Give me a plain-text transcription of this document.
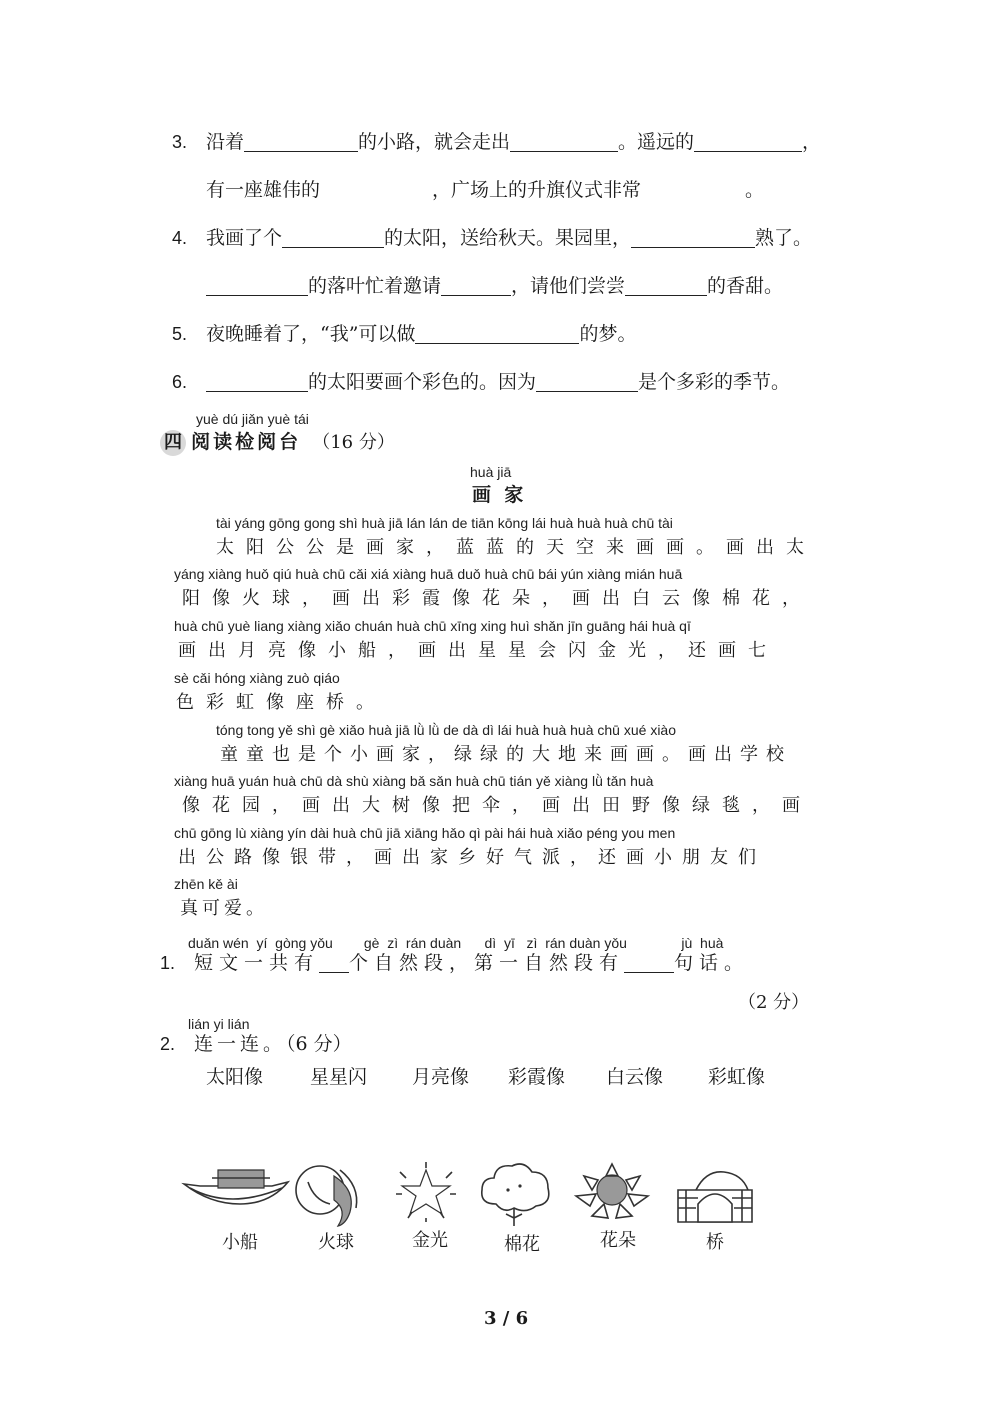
3. 沿着	的小路，就会走出	。遥远的	，
有一座雄伟的	，广场上的升旗仪式非常	。
4. 我画了个	的太阳，送给秋天。果园里，	熟了。
的落叶忙着邀请	，请他们尝尝	的香甜。
5. 夜晚睡着了，“我”可以做	的梦。
6.	的太阳要画个彩色的。因为	是个多彩的季节。
yuè dú jiǎn yuè tái
四 阅读检阅台 （16 分）
huà jiā
画  家
tài yáng gōng gong shì huà jiā lán lán de tiān kōng lái huà huà huà chū tài
太阳公公是画家，蓝蓝的天空来画画。画出太
yáng xiàng huǒ qiú huà chū cǎi xiá xiàng huā duǒ huà chū bái yún xiàng mián huā
阳像火球，画出彩霞像花朵，画出白云像棉花，
huà chū yuè liang xiàng xiǎo chuán huà chū xīng xing huì shǎn jīn guāng hái huà qī
画出月亮像小船，画出星星会闪金光，还画七
sè cǎi hóng xiàng zuò qiáo
色彩虹像座桥。
tóng tong yě shì gè xiǎo huà jiā lǜ lǜ de dà dì lái huà huà huà chū xué xiào
童童也是个小画家，绿绿的大地来画画。画出学校
xiàng huā yuán huà chū dà shù xiàng bǎ sǎn huà chū tián yě xiàng lǜ tǎn huà
像花园，画出大树像把伞，画出田野像绿毯，画
chū gōng lù xiàng yín dài huà chū jiā xiāng hǎo qì pài hái huà xiǎo péng you men
出公路像银带，画出家乡好气派，还画小朋友们
zhēn kě ài
真可爱。
duǎn wén  yí  gòng yǒu        gè  zì  rán duàn      dì  yī   zì  rán duàn yǒu              jù  huà
1. 短文一共有 个自然段，第一自然段有	句话。
（2 分）
lián yi lián
2. 连一连。（6 分）
太阳像 星星闪 月亮像 彩霞像 白云像 彩虹像
小船	火球	金光	棉花	花朵	桥
3 / 6
